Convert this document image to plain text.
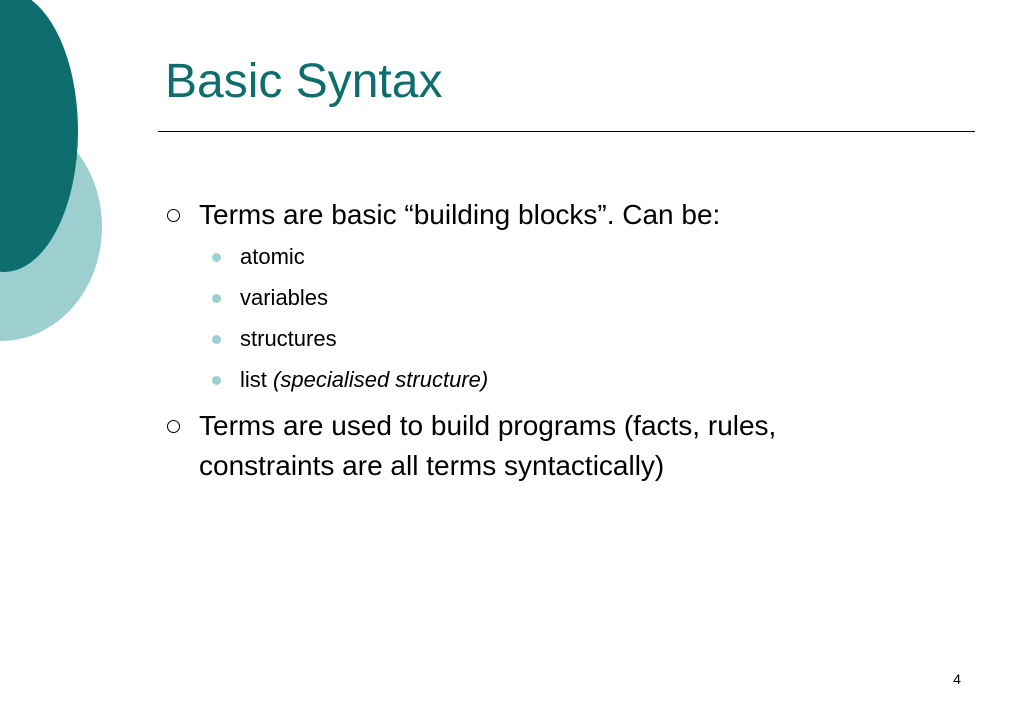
Basic Syntax
Terms are basic “building blocks”. Can be:
atomic
variables
structures
list (specialised structure)
Terms are used to build programs (facts, rules,
constraints are all terms syntactically)
4
